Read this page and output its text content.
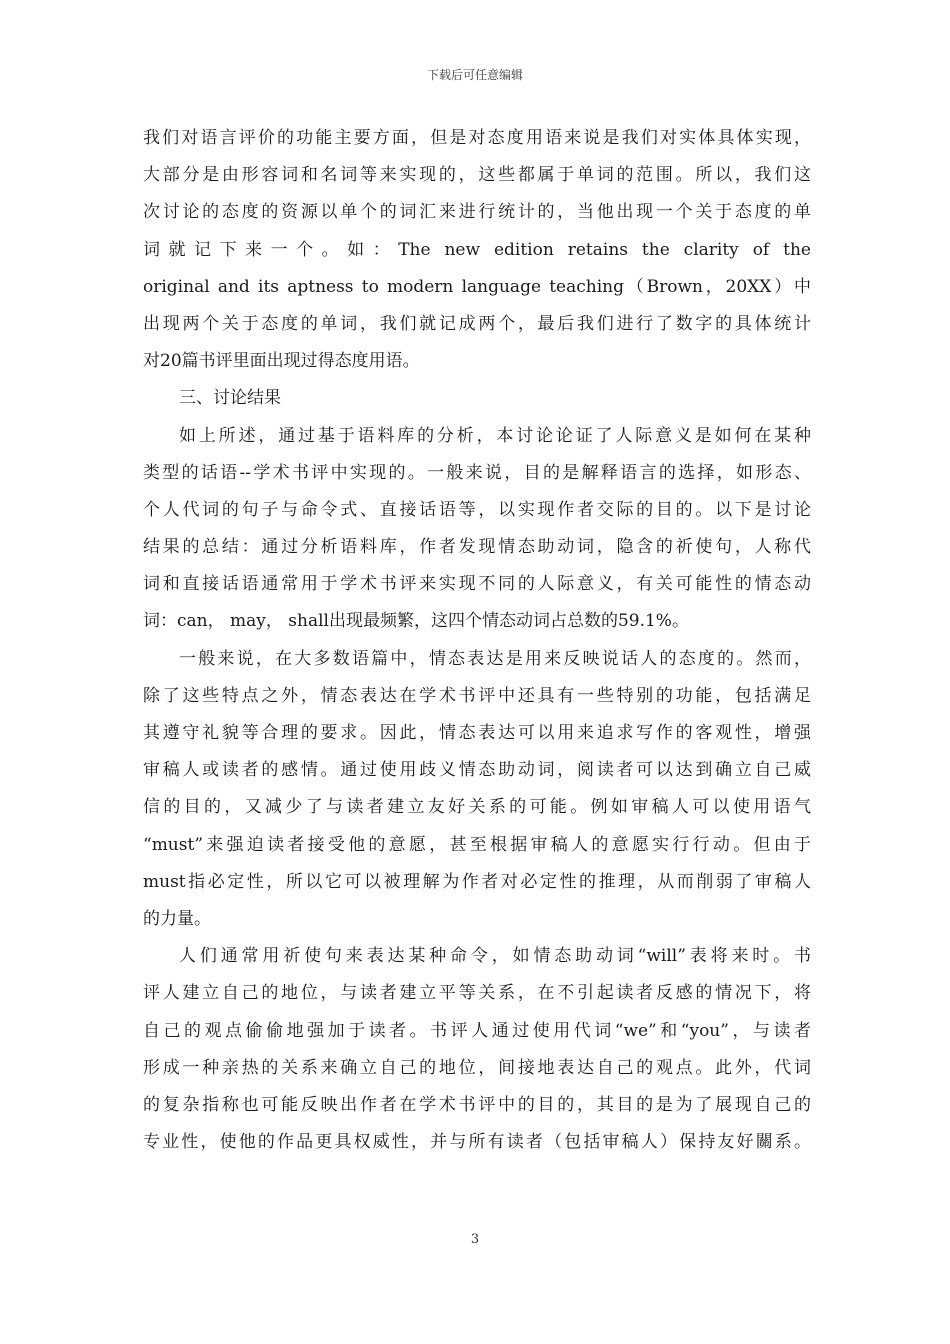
下载后可任意编辑
我们对语言评价的功能主要方面，但是对态度用语来说是我们对实体具体实现，
大部分是由形容词和名词等来实现的，这些都属于单词的范围。所以，我们这
次讨论的态度的资源以单个的词汇来进行统计的，当他出现一个关于态度的单
词就记下来一个。如：The new edition retains the clarity of the
original and its aptness to modern language teaching（Brown，20XX）中
出现两个关于态度的单词，我们就记成两个，最后我们进行了数字的具体统计
对20篇书评里面出现过得态度用语。
三、讨论结果
如上所述，通过基于语料库的分析，本讨论论证了人际意义是如何在某种
类型的话语--学术书评中实现的。一般来说，目的是解释语言的选择，如形态、
个人代词的句子与命令式、直接话语等，以实现作者交际的目的。以下是讨论
结果的总结：通过分析语料库，作者发现情态助动词，隐含的祈使句，人称代
词和直接话语通常用于学术书评来实现不同的人际意义，有关可能性的情态动
词：can， may， shall出现最频繁，这四个情态动词占总数的59.1%。
一般来说，在大多数语篇中，情态表达是用来反映说话人的态度的。然而，
除了这些特点之外，情态表达在学术书评中还具有一些特别的功能，包括满足
其遵守礼貌等合理的要求。因此，情态表达可以用来追求写作的客观性，增强
审稿人或读者的感情。通过使用歧义情态助动词，阅读者可以达到确立自己威
信的目的，又减少了与读者建立友好关系的可能。例如审稿人可以使用语气
“must”来强迫读者接受他的意愿，甚至根据审稿人的意愿实行行动。但由于
must指必定性，所以它可以被理解为作者对必定性的推理，从而削弱了审稿人
的力量。
人们通常用祈使句来表达某种命令，如情态助动词“will”表将来时。书
评人建立自己的地位，与读者建立平等关系，在不引起读者反感的情况下，将
自己的观点偷偷地强加于读者。书评人通过使用代词“we”和“you”，与读者
形成一种亲热的关系来确立自己的地位，间接地表达自己的观点。此外，代词
的复杂指称也可能反映出作者在学术书评中的目的，其目的是为了展现自己的
专业性，使他的作品更具权威性，并与所有读者（包括审稿人）保持友好關系。
3
